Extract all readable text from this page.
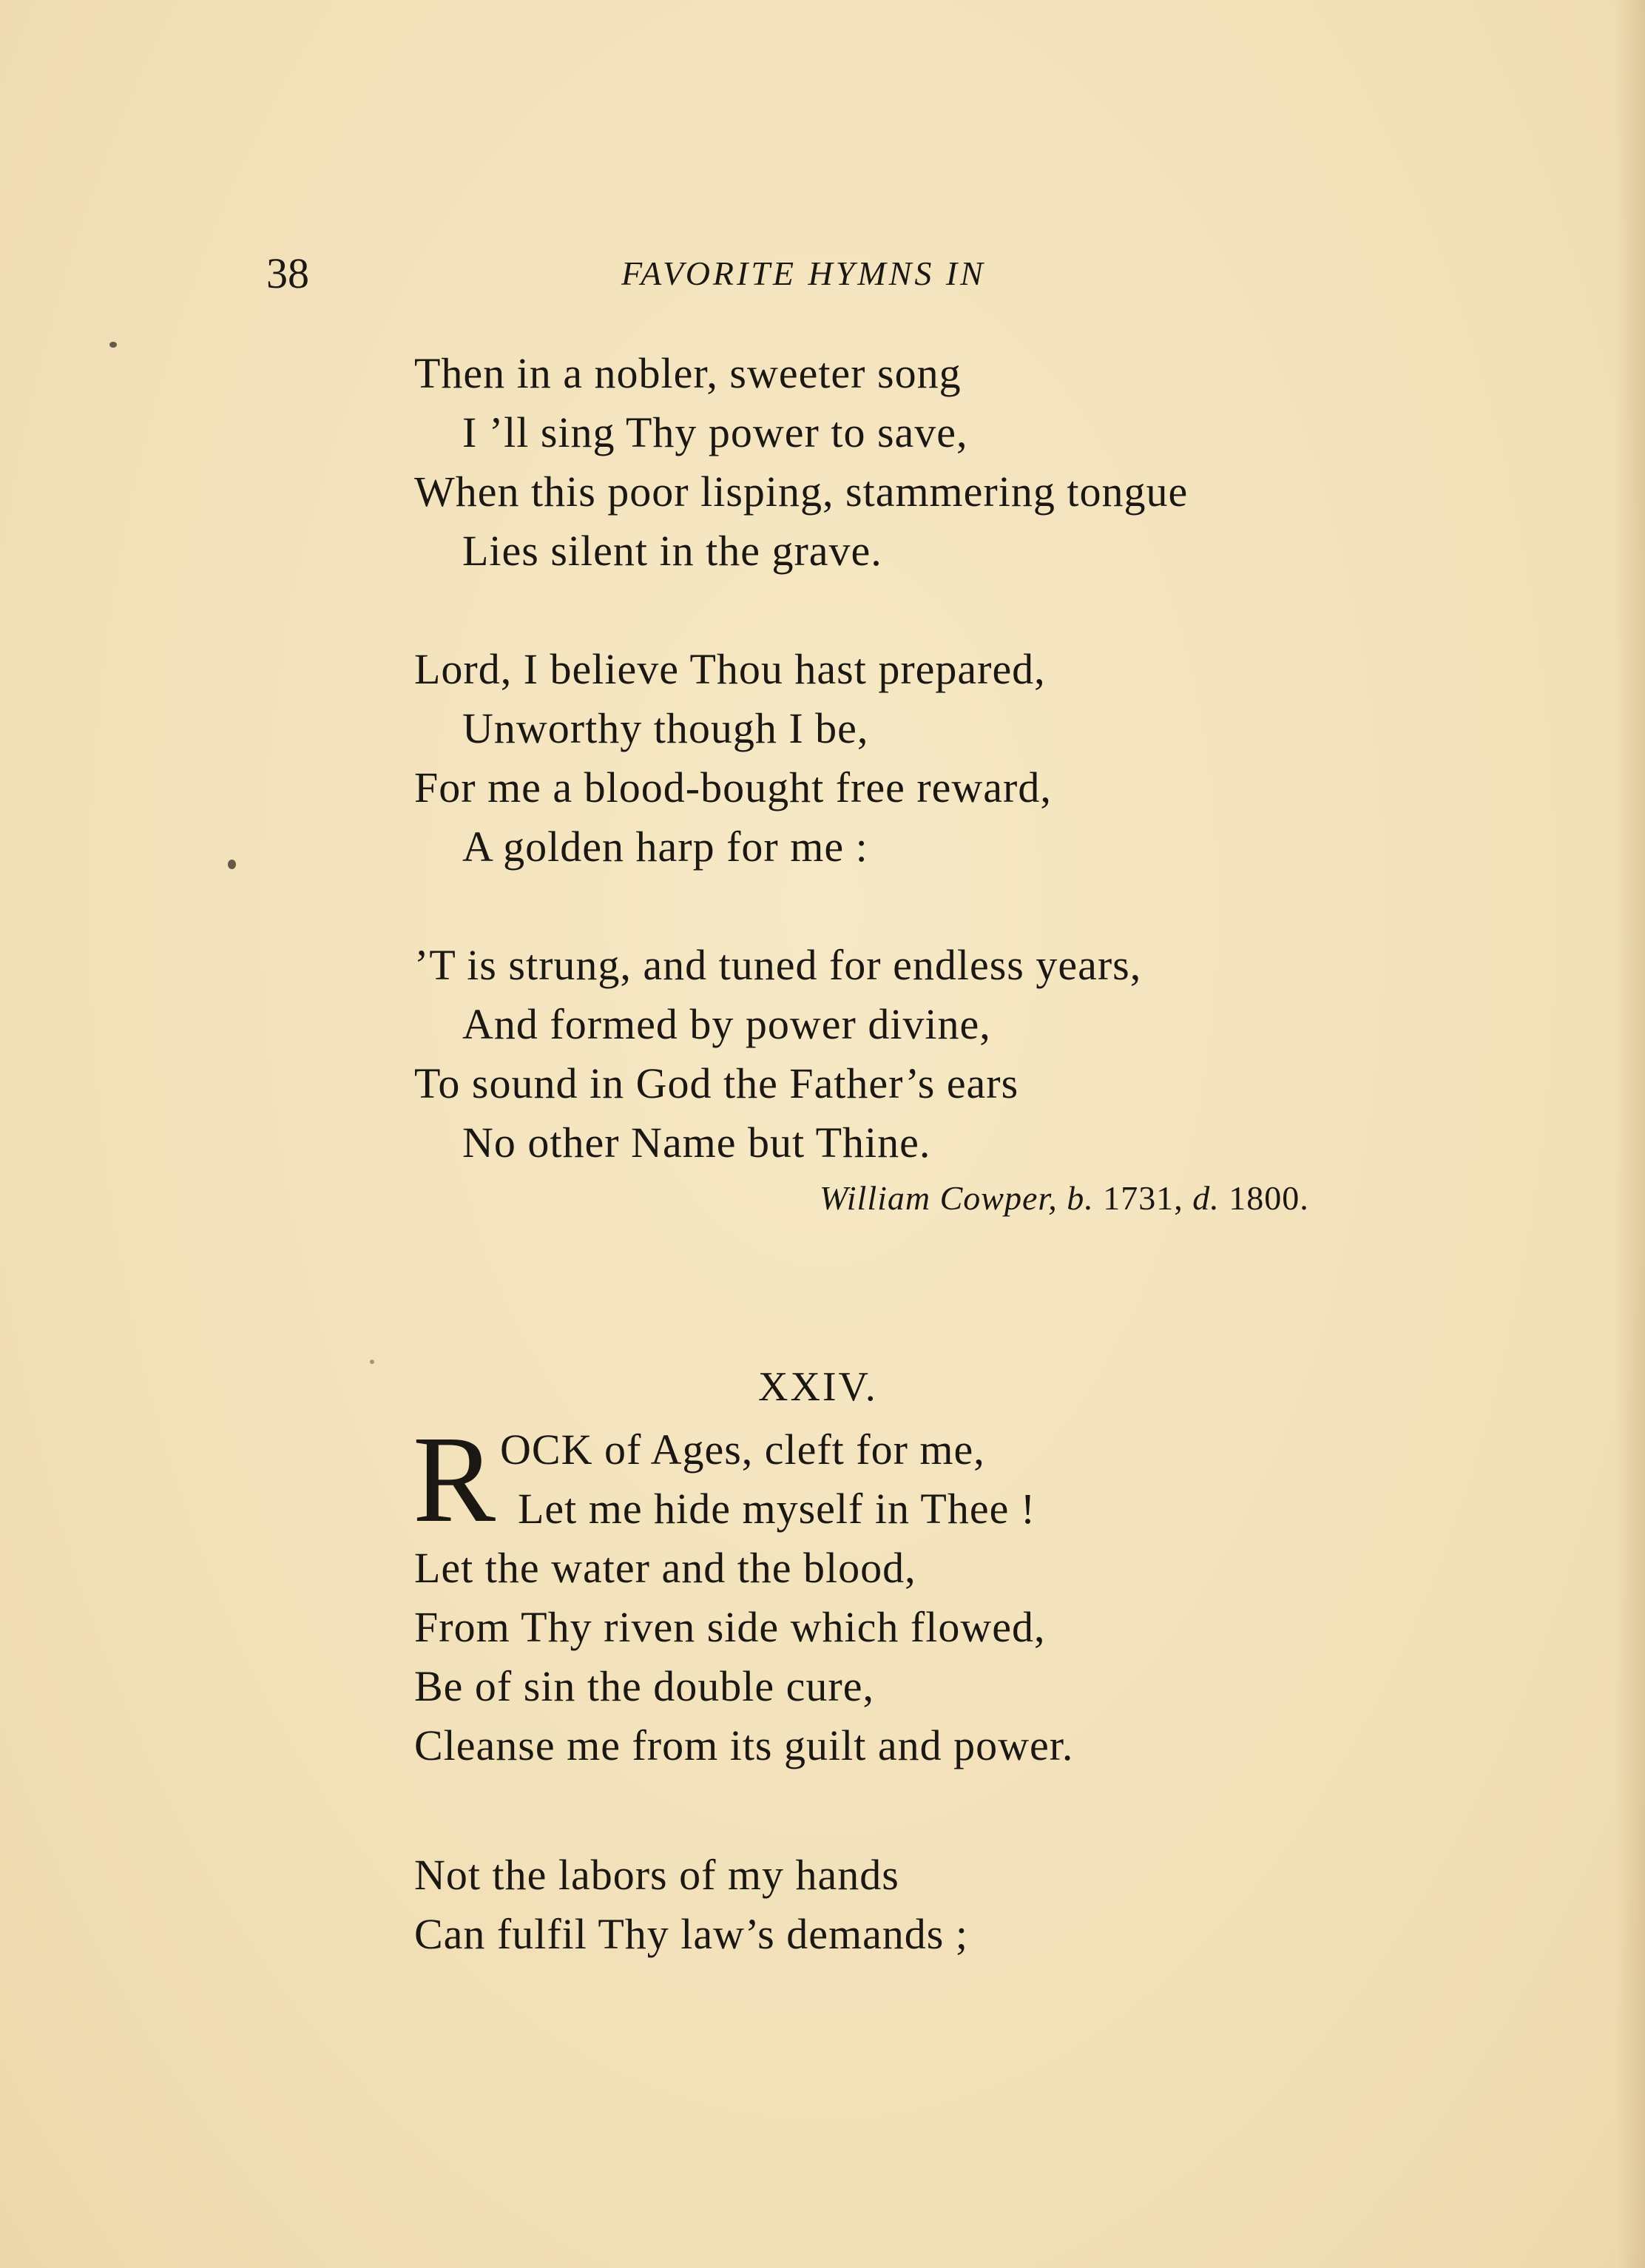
38	FAVORITE HYMNS IN
Then in a nobler, sweeter song
I ’ll sing Thy power to save,
When this poor lisping, stammering tongue
Lies silent in the grave.
Lord, I believe Thou hast prepared,
Unworthy though I be,
For me a blood-bought free reward,
A golden harp for me :
’T is strung, and tuned for endless years,
And formed by power divine,
To sound in God the Father’s ears
No other Name but Thine.
William Cowper, b. 1731, d. 1800.
XXIV.
R OCK of Ages, cleft for me,
Let me hide myself in Thee !
Let the water and the blood,
From Thy riven side which flowed,
Be of sin the double cure,
Cleanse me from its guilt and power.
Not the labors of my hands
Can fulfil Thy law’s demands ;
